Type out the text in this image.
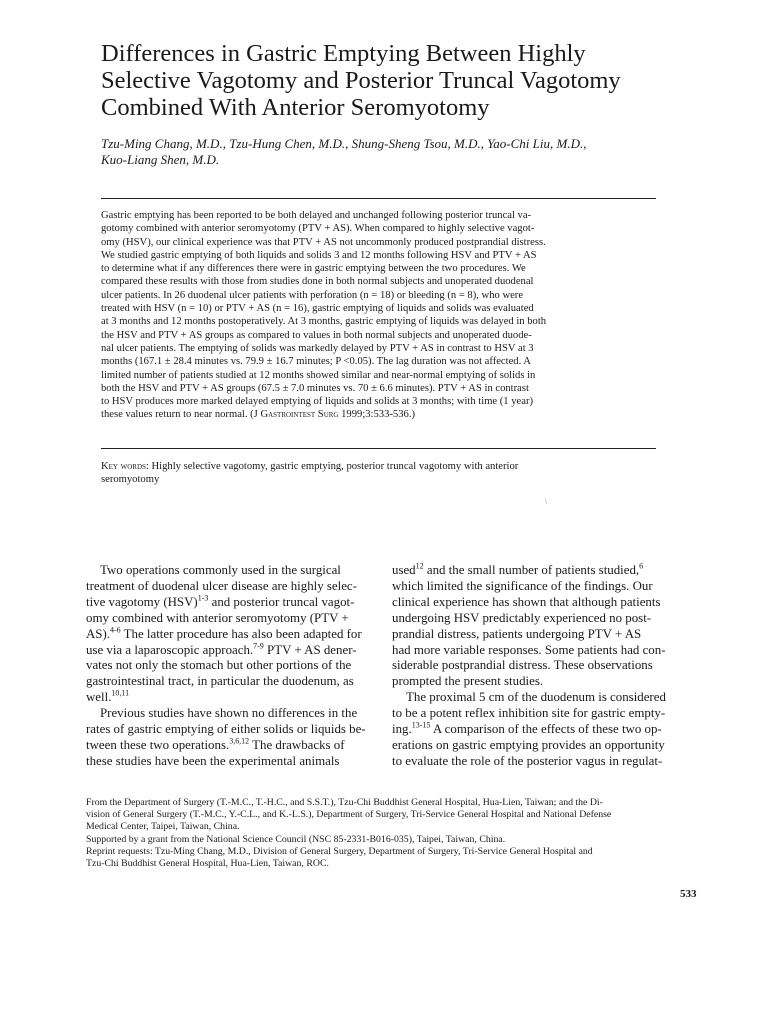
Differences in Gastric Emptying Between Highly
Selective Vagotomy and Posterior Truncal Vagotomy
Combined With Anterior Seromyotomy
Tzu-Ming Chang, M.D., Tzu-Hung Chen, M.D., Shung-Sheng Tsou, M.D., Yao-Chi Liu, M.D.,
Kuo-Liang Shen, M.D.
Gastric emptying has been reported to be both delayed and unchanged following posterior truncal va-
gotomy combined with anterior seromyotomy (PTV + AS). When compared to highly selective vagot-
omy (HSV), our clinical experience was that PTV + AS not uncommonly produced postprandial distress.
We studied gastric emptying of both liquids and solids 3 and 12 months following HSV and PTV + AS
to determine what if any differences there were in gastric emptying between the two procedures. We
compared these results with those from studies done in both normal subjects and unoperated duodenal
ulcer patients. In 26 duodenal ulcer patients with perforation (n = 18) or bleeding (n = 8), who were
treated with HSV (n = 10) or PTV + AS (n = 16), gastric emptying of liquids and solids was evaluated
at 3 months and 12 months postoperatively. At 3 months, gastric emptying of liquids was delayed in both
the HSV and PTV + AS groups as compared to values in both normal subjects and unoperated duode-
nal ulcer patients. The emptying of solids was markedly delayed by PTV + AS in contrast to HSV at 3
months (167.1 ± 28.4 minutes vs. 79.9 ± 16.7 minutes; P <0.05). The lag duration was not affected. A
limited number of patients studied at 12 months showed similar and near-normal emptying of solids in
both the HSV and PTV + AS groups (67.5 ± 7.0 minutes vs. 70 ± 6.6 minutes). PTV + AS in contrast
to HSV produces more marked delayed emptying of liquids and solids at 3 months; with time (1 year)
these values return to near normal. (J Gastrointest Surg 1999;3:533-536.)
Key words: Highly selective vagotomy, gastric emptying, posterior truncal vagotomy with anterior
seromyotomy
\
Two operations commonly used in the surgical
treatment of duodenal ulcer disease are highly selec-
tive vagotomy (HSV)$^{1-3}$ and posterior truncal vagot-
omy combined with anterior seromyotomy (PTV +
AS).$^{4-6}$ The latter procedure has also been adapted for
use via a laparoscopic approach.$^{7-9}$ PTV + AS dener-
vates not only the stomach but other portions of the
gastrointestinal tract, in particular the duodenum, as
well.$^{10,11}$
Previous studies have shown no differences in the
rates of gastric emptying of either solids or liquids be-
tween these two operations.$^{3,6,12}$ The drawbacks of
these studies have been the experimental animals
used$^{12}$ and the small number of patients studied,$^6$
which limited the significance of the findings. Our
clinical experience has shown that although patients
undergoing HSV predictably experienced no post-
prandial distress, patients undergoing PTV + AS
had more variable responses. Some patients had con-
siderable postprandial distress. These observations
prompted the present studies.
The proximal 5 cm of the duodenum is considered
to be a potent reflex inhibition site for gastric empty-
ing.$^{13-15}$ A comparison of the effects of these two op-
erations on gastric emptying provides an opportunity
to evaluate the role of the posterior vagus in regulat-
From the Department of Surgery (T.-M.C., T.-H.C., and S.S.T.), Tzu-Chi Buddhist General Hospital, Hua-Lien, Taiwan; and the Di-
vision of General Surgery (T.-M.C., Y.-C.L., and K.-L.S.), Department of Surgery, Tri-Service General Hospital and National Defense
Medical Center, Taipei, Taiwan, China.
Supported by a grant from the National Science Council (NSC 85-2331-B016-035), Taipei, Taiwan, China.
Reprint requests: Tzu-Ming Chang, M.D., Division of General Surgery, Department of Surgery, Tri-Service General Hospital and
Tzu-Chi Buddhist General Hospital, Hua-Lien, Taiwan, ROC.
533
